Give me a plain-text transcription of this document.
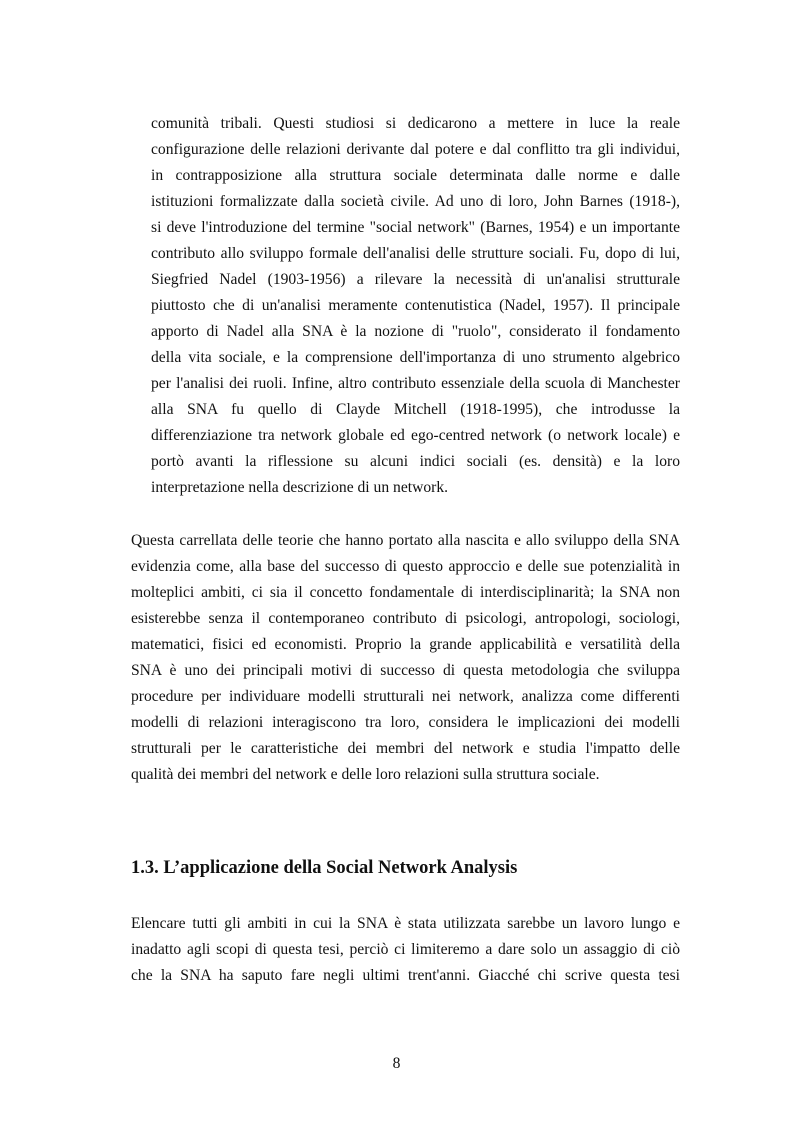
comunità tribali. Questi studiosi si dedicarono a mettere in luce la reale
configurazione delle relazioni derivante dal potere e dal conflitto tra gli individui,
in contrapposizione alla struttura sociale determinata dalle norme e dalle
istituzioni formalizzate dalla società civile. Ad uno di loro, John Barnes (1918-),
si deve l'introduzione del termine "social network" (Barnes, 1954) e un importante
contributo allo sviluppo formale dell'analisi delle strutture sociali. Fu, dopo di lui,
Siegfried Nadel (1903-1956) a rilevare la necessità di un'analisi strutturale
piuttosto che di un'analisi meramente contenutistica (Nadel, 1957). Il principale
apporto di Nadel alla SNA è la nozione di "ruolo", considerato il fondamento
della vita sociale, e la comprensione dell'importanza di uno strumento algebrico
per l'analisi dei ruoli. Infine, altro contributo essenziale della scuola di Manchester
alla SNA fu quello di Clayde Mitchell (1918-1995), che introdusse la
differenziazione tra network globale ed ego-centred network (o network locale) e
portò avanti la riflessione su alcuni indici sociali (es. densità) e la loro
interpretazione nella descrizione di un network.
Questa carrellata delle teorie che hanno portato alla nascita e allo sviluppo della SNA
evidenzia come, alla base del successo di questo approccio e delle sue potenzialità in
molteplici ambiti, ci sia il concetto fondamentale di interdisciplinarità; la SNA non
esisterebbe senza il contemporaneo contributo di psicologi, antropologi, sociologi,
matematici, fisici ed economisti. Proprio la grande applicabilità e versatilità della
SNA è uno dei principali motivi di successo di questa metodologia che sviluppa
procedure per individuare modelli strutturali nei network, analizza come differenti
modelli di relazioni interagiscono tra loro, considera le implicazioni dei modelli
strutturali per le caratteristiche dei membri del network e studia l'impatto delle
qualità dei membri del network e delle loro relazioni sulla struttura sociale.
1.3. L’applicazione della Social Network Analysis
Elencare tutti gli ambiti in cui la SNA è stata utilizzata sarebbe un lavoro lungo e
inadatto agli scopi di questa tesi, perciò ci limiteremo a dare solo un assaggio di ciò
che la SNA ha saputo fare negli ultimi trent'anni. Giacché chi scrive questa tesi
8
